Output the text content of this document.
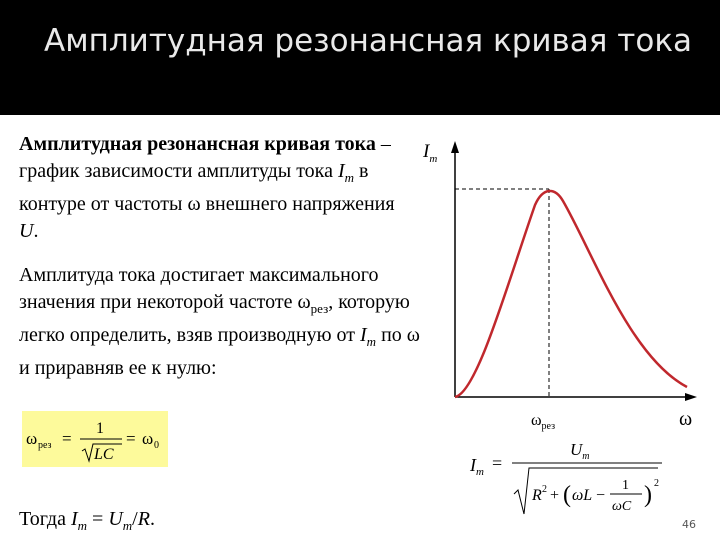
Амплитудная резонансная кривая тока
Амплитудная резонансная кривая тока – график зависимости амплитуды тока $I_m$ в контуре от частоты ω внешнего напряжения U.
Амплитуда тока достигает максимального значения при некоторой частоте $\omega_{рез}$, которую легко определить, взяв производную от $I_m$ по ω и приравняв ее к нулю:
ω рез =
1
LC
= ω 0
Тогда $I_m = U_m/R$.
$I_m$
ω
$\omega_{рез}$
$I_m$ =
$U_m$
R 2 + ( ωL −
1
ωC ) 2
46
